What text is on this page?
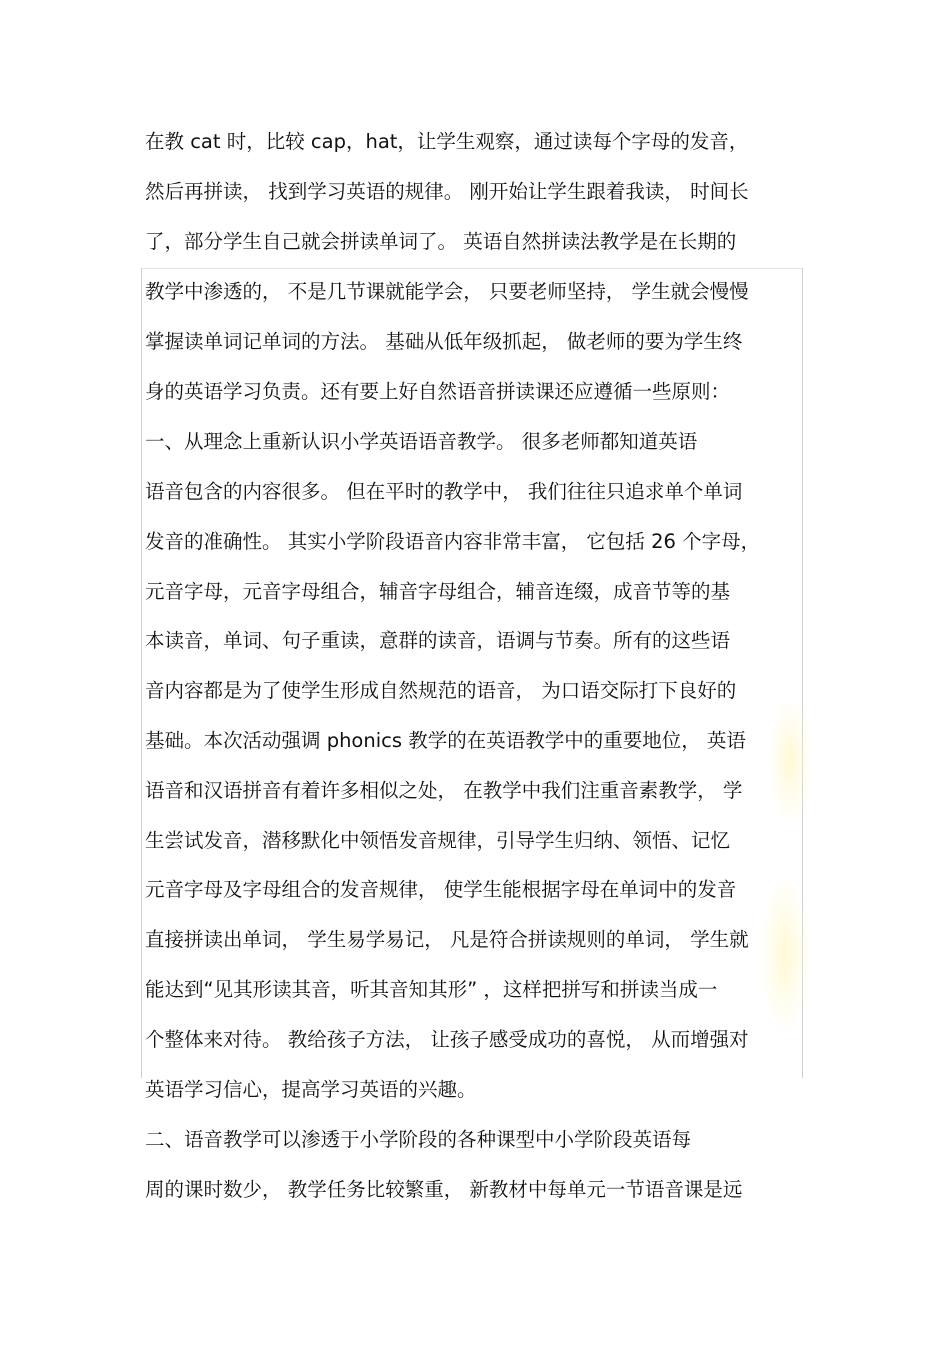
在教 cat 时，比较 cap，hat，让学生观察，通过读每个字母的发音，
然后再拼读， 找到学习英语的规律。 刚开始让学生跟着我读， 时间长
了，部分学生自己就会拼读单词了。 英语自然拼读法教学是在长期的
教学中渗透的， 不是几节课就能学会， 只要老师坚持， 学生就会慢慢
掌握读单词记单词的方法。 基础从低年级抓起， 做老师的要为学生终
身的英语学习负责。还有要上好自然语音拼读课还应遵循一些原则：
一、从理念上重新认识小学英语语音教学。 很多老师都知道英语
语音包含的内容很多。 但在平时的教学中， 我们往往只追求单个单词
发音的准确性。 其实小学阶段语音内容非常丰富， 它包括 26 个字母，
元音字母，元音字母组合，辅音字母组合，辅音连缀，成音节等的基
本读音，单词、句子重读，意群的读音，语调与节奏。所有的这些语
音内容都是为了使学生形成自然规范的语音， 为口语交际打下良好的
基础。本次活动强调 phonics 教学的在英语教学中的重要地位， 英语
语音和汉语拼音有着许多相似之处， 在教学中我们注重音素教学， 学
生尝试发音，潜移默化中领悟发音规律，引导学生归纳、领悟、记忆
元音字母及字母组合的发音规律， 使学生能根据字母在单词中的发音
直接拼读出单词， 学生易学易记， 凡是符合拼读规则的单词， 学生就
能达到“见其形读其音，听其音知其形” ，这样把拼写和拼读当成一
个整体来对待。 教给孩子方法， 让孩子感受成功的喜悦， 从而增强对
英语学习信心，提高学习英语的兴趣。
二、语音教学可以渗透于小学阶段的各种课型中小学阶段英语每
周的课时数少， 教学任务比较繁重， 新教材中每单元一节语音课是远
